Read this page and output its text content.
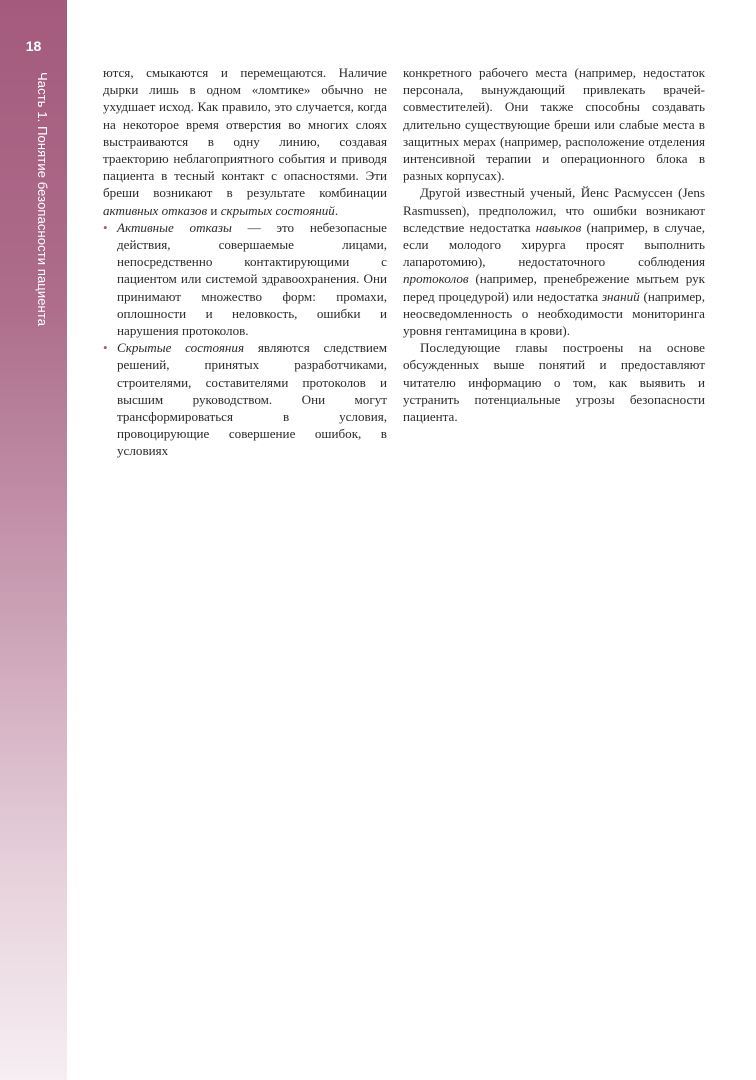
18
Часть 1. Понятие безопасности пациента	ются, смыкаются и перемещаются. Наличие дырки лишь в одном «ломтике» обычно не ухудшает исход. Как правило, это случается, когда на некоторое время отверстия во многих слоях выстраиваются в одну линию, создавая траекторию неблагоприятного события и приводя пациента в тесный контакт с опасностями. Эти бреши возникают в результате комбинации активных отказов и скрытых состояний.

• Активные отказы — это небезопасные действия, совершаемые лицами, непосредственно контактирующими с пациентом или системой здравоохранения. Они принимают множество форм: промахи, оплошности и неловкость, ошибки и нарушения протоколов.
• Скрытые состояния являются следствием решений, принятых разработчиками, строителями, составителями протоколов и высшим руководством. Они могут трансформироваться в условия, провоцирующие совершение ошибок, в условиях

конкретного рабочего места (например, недостаток персонала, вынуждающий привлекать врачей-совместителей). Они также способны создавать длительно существующие бреши или слабые места в защитных мерах (например, расположение отделения интенсивной терапии и операционного блока в разных корпусах).

Другой известный ученый, Йенс Расмуссен (Jens Rasmussen), предположил, что ошибки возникают вследствие недостатка навыков (например, в случае, если молодого хирурга просят выполнить лапаротомию), недостаточного соблюдения протоколов (например, пренебрежение мытьем рук перед процедурой) или недостатка знаний (например, неосведомленность о необходимости мониторинга уровня гентамицина в крови).

Последующие главы построены на основе обсужденных выше понятий и предоставляют читателю информацию о том, как выявить и устранить потенциальные угрозы безопасности пациента.
